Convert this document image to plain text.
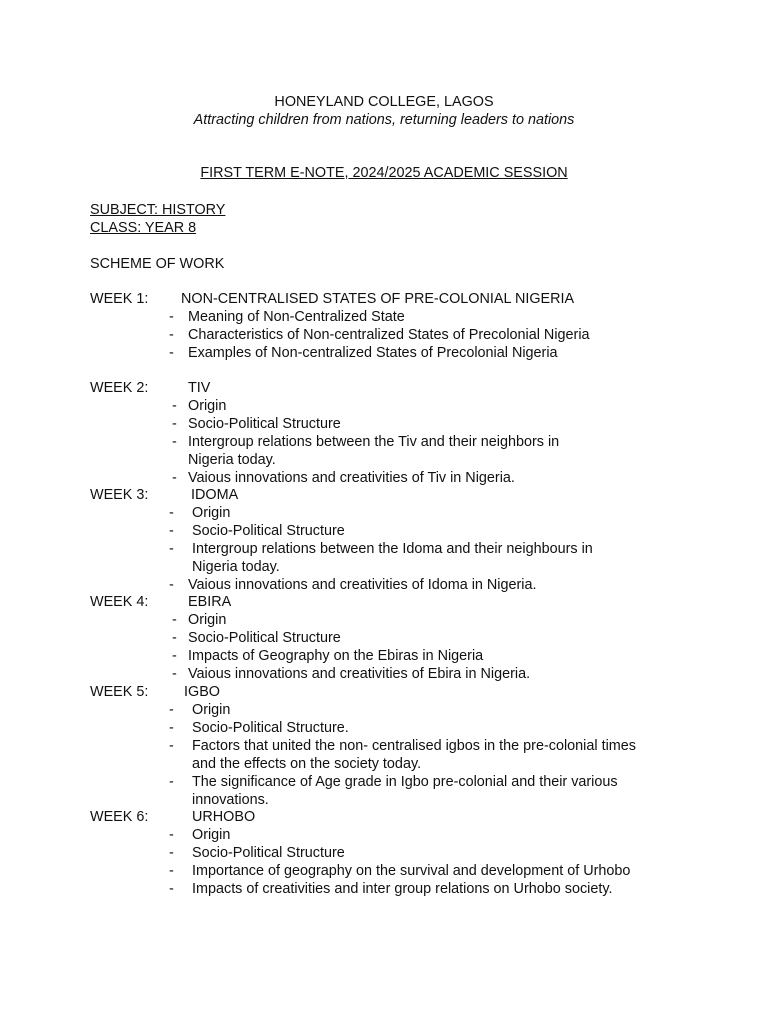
HONEYLAND COLLEGE, LAGOS
Attracting children from nations, returning leaders to nations
FIRST TERM E-NOTE, 2024/2025 ACADEMIC SESSION
SUBJECT: HISTORY
CLASS: YEAR 8
SCHEME OF WORK
WEEK 1: NON-CENTRALISED STATES OF PRE-COLONIAL NIGERIA
- Meaning of Non-Centralized State
- Characteristics of Non-centralized States of Precolonial Nigeria
- Examples of Non-centralized States of Precolonial Nigeria
WEEK 2:	TIV
- Origin
- Socio-Political Structure
- Intergroup relations between the Tiv and their neighbors in
Nigeria today.
- Vaious innovations and creativities of Tiv in Nigeria.
WEEK 3:	IDOMA
- Origin
- Socio-Political Structure
- Intergroup relations between the Idoma and their neighbours in
Nigeria today.
- Vaious innovations and creativities of Idoma in Nigeria.
WEEK 4:	EBIRA
- Origin
- Socio-Political Structure
- Impacts of Geography on the Ebiras in Nigeria
- Vaious innovations and creativities of Ebira in Nigeria.
WEEK 5: IGBO
- Origin
- Socio-Political Structure.
- Factors that united the non- centralised igbos in the pre-colonial times
and the effects on the society today.
- The significance of Age grade in Igbo pre-colonial and their various
innovations.
WEEK 6:	URHOBO
- Origin
- Socio-Political Structure
- Importance of geography on the survival and development of Urhobo
- Impacts of creativities and inter group relations on Urhobo society.
